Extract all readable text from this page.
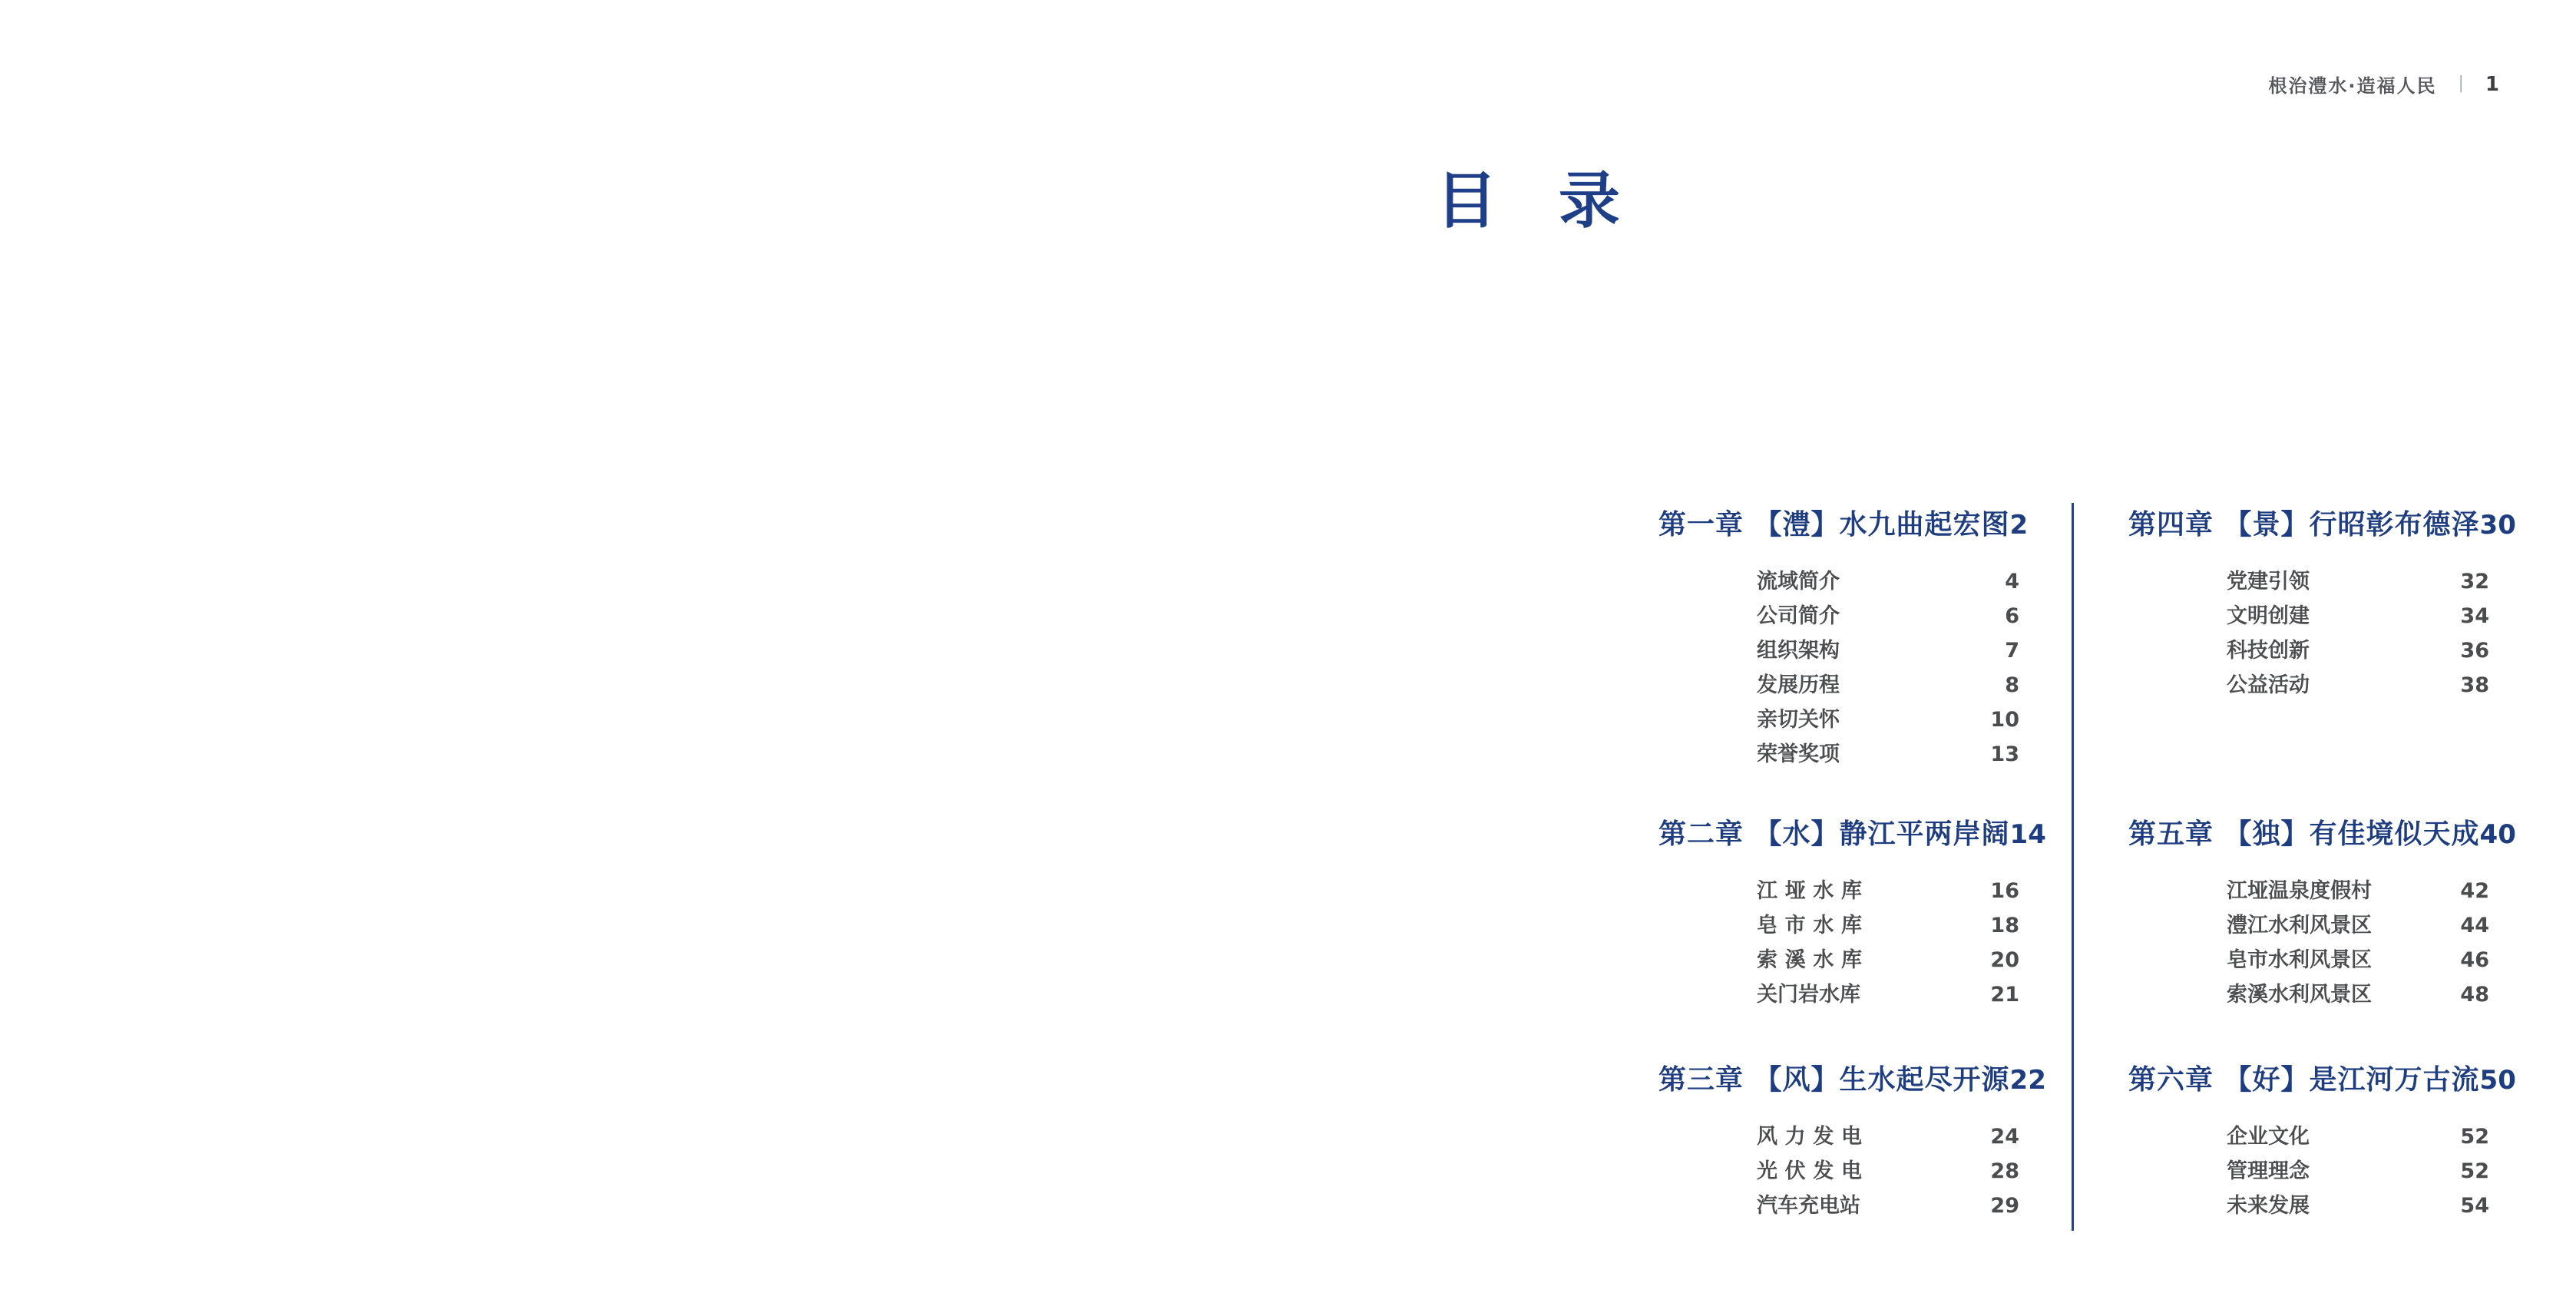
根治澧水·造福人民 | 1
目 录
第一章 【澧】水九曲起宏图 2
流域简介	4
公司简介	6
组织架构	7
发展历程	8
亲切关怀	10
荣誉奖项	13
第二章 【水】静江平两岸阔 14
江垭水库	16
皂市水库	18
索溪水库	20
关门岩水库	21
第三章 【风】生水起尽开源 22
风力发电	24
光伏发电	28
汽车充电站	29
第四章 【景】行昭彰布德泽 30
党建引领	32
文明创建	34
科技创新	36
公益活动	38
第五章 【独】有佳境似天成 40
江垭温泉度假村	42
澧江水利风景区	44
皂市水利风景区	46
索溪水利风景区	48
第六章 【好】是江河万古流 50
企业文化	52
管理理念	52
未来发展	54
